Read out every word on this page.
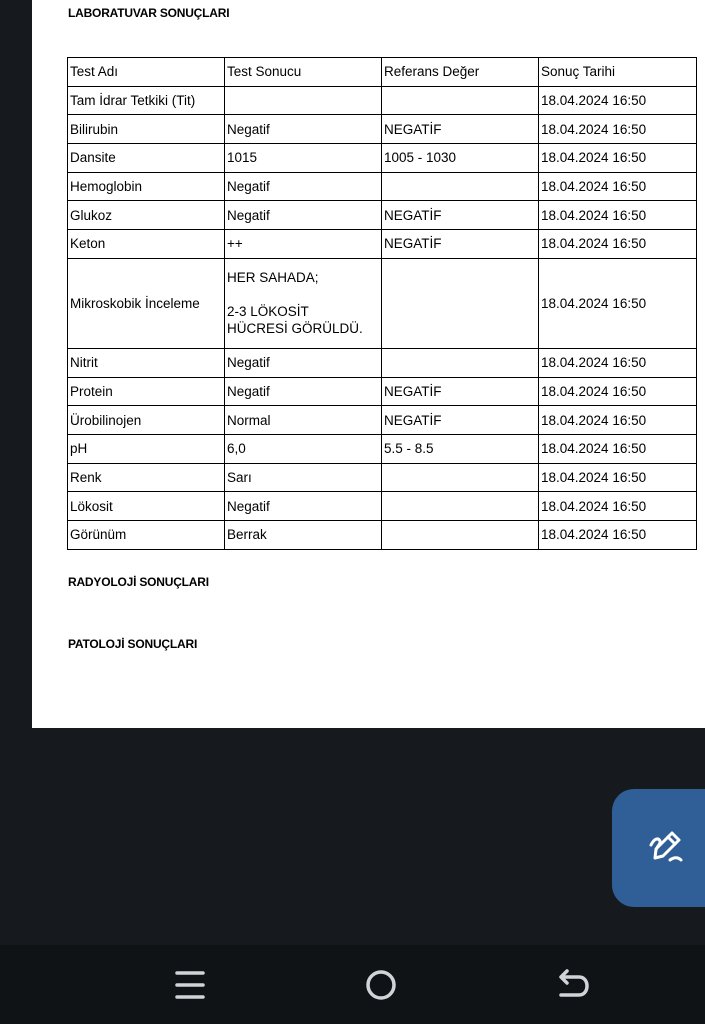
LABORATUVAR SONUÇLARI
Test Adı	Test Sonucu	Referans Değer	Sonuç Tarihi
Tam İdrar Tetkiki (Tit)			18.04.2024 16:50
Bilirubin	Negatif	NEGATİF	18.04.2024 16:50
Dansite	1015	1005 - 1030	18.04.2024 16:50
Hemoglobin	Negatif		18.04.2024 16:50
Glukoz	Negatif	NEGATİF	18.04.2024 16:50
Keton	++	NEGATİF	18.04.2024 16:50
Mikroskobik İnceleme	HER SAHADA;

2-3 LÖKOSİT
HÜCRESİ GÖRÜLDÜ.		18.04.2024 16:50
Nitrit	Negatif		18.04.2024 16:50
Protein	Negatif	NEGATİF	18.04.2024 16:50
Ürobilinojen	Normal	NEGATİF	18.04.2024 16:50
pH	6,0	5.5 - 8.5	18.04.2024 16:50
Renk	Sarı		18.04.2024 16:50
Lökosit	Negatif		18.04.2024 16:50
Görünüm	Berrak		18.04.2024 16:50
RADYOLOJİ SONUÇLARI
PATOLOJİ SONUÇLARI
